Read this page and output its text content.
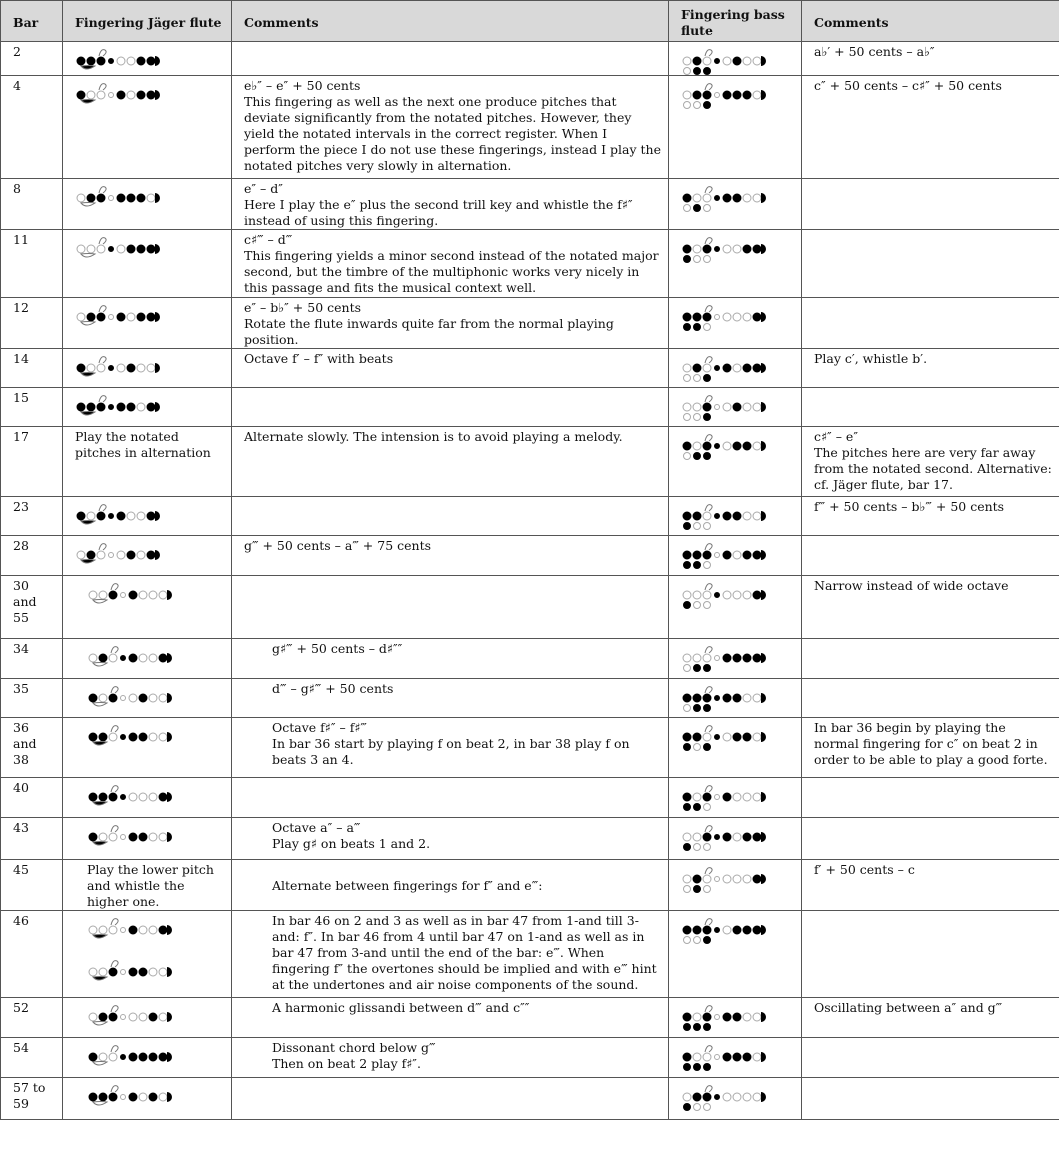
Bar	Fingering Jäger flute	Comments	Fingering bass flute	Comments
2				a♭′ + 50 cents – a♭″
4		e♭″ – e″ + 50 cents
This fingering as well as the next one produce pitches that deviate significantly from the notated pitches. However, they yield the notated intervals in the correct register. When I perform the piece I do not use these fingerings, instead I play the notated pitches very slowly in alternation.		c″ + 50 cents – c♯″ + 50 cents
8		e″ – d″
Here I play the e″ plus the second trill key and whistle the f♯″ instead of using this fingering.	

11		c♯‴ – d‴
This fingering yields a minor second instead of the notated major second, but the timbre of the multiphonic works very nicely in this passage and fits the musical context well.	

12		e″ – b♭″ + 50 cents
Rotate the flute inwards quite far from the normal playing position.	

14		Octave f′ – f″ with beats		Play c′, whistle b′.
15	

17	Play the notated pitches in alternation	Alternate slowly. The intension is to avoid playing a melody.		c♯″ – e″
The pitches here are very far away from the notated second. Alternative: cf. Jäger flute, bar 17.
23				f‴ + 50 cents – b♭‴ + 50 cents
28		g‴ + 50 cents – a‴ + 75 cents	

30 and 55				Narrow instead of wide octave
34		g♯‴ + 50 cents – d♯″″	

35		d‴ – g♯‴ + 50 cents	

36 and 38		Octave f♯″ – f♯‴
In bar 36 start by playing f on beat 2, in bar 38 play f on beats 3 an 4.		In bar 36 begin by playing the normal fingering for c″ on beat 2 in order to be able to play a good forte.
40	

43		Octave a″ – a‴
Play g♯ on beats 1 and 2.	

45	Play the lower pitch and whistle the higher one.	
Alternate between fingerings for f″ and e‴:		f′ + 50 cents – c
46		In bar 46 on 2 and 3 as well as in bar 47 from 1-and till 3-and: f″. In bar 46 from 4 until bar 47 on 1-and as well as in bar 47 from 3-and until the end of the bar: e‴. When fingering f″ the overtones should be implied and with e‴ hint at the undertones and air noise components of the sound.	

52		A harmonic glissandi between d‴ and c″″		Oscillating between a″ and g‴
54		Dissonant chord below g‴
Then on beat 2 play f♯″.	

57 to 59	
